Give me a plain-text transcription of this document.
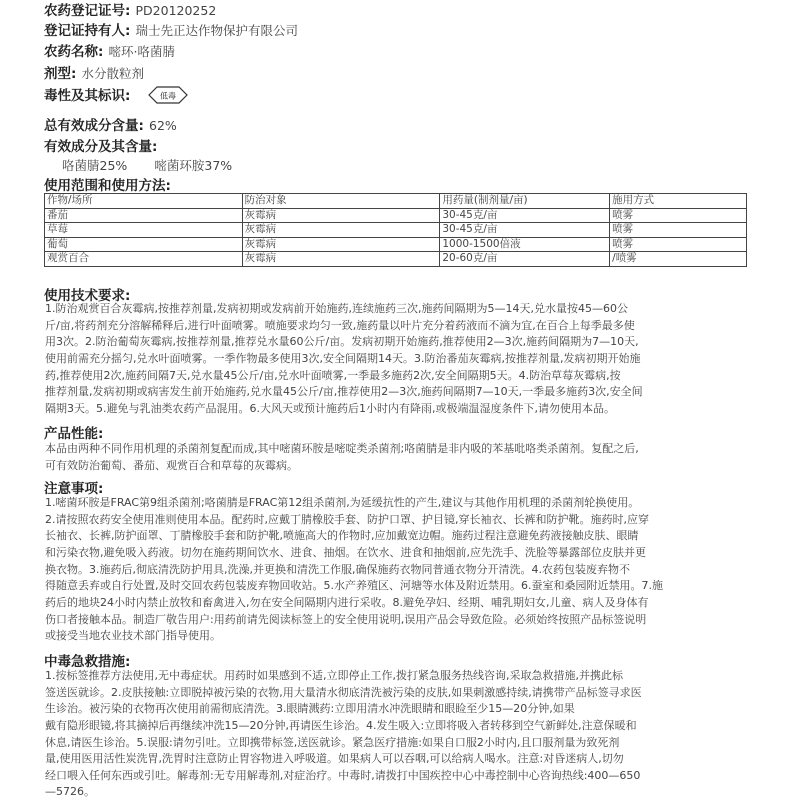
农药登记证号: PD20120252
登记证持有人: 瑞士先正达作物保护有限公司
农药名称: 嘧环·咯菌腈
剂型: 水分散粒剂
毒性及其标识:	低毒
总有效成分含量: 62%
有效成分及其含量:
咯菌腈25% 嘧菌环胺37%
使用范围和使用方法:
作物/场所	防治对象	用药量(制剂量/亩)	施用方式
番茄	灰霉病	30-45克/亩	喷雾
草莓	灰霉病	30-45克/亩	喷雾
葡萄	灰霉病	1000-1500倍液	喷雾
观赏百合	灰霉病	20-60克/亩	/喷雾
使用技术要求:
1.防治观赏百合灰霉病,按推荐剂量,发病初期或发病前开始施药,连续施药三次,施药间隔期为5—14天,兑水量按45—60公
斤/亩,将药剂充分溶解稀释后,进行叶面喷雾。喷施要求均匀一致,施药量以叶片充分着药液而不滴为宜,在百合上每季最多使
用3次。2.防治葡萄灰霉病,按推荐剂量,推荐兑水量60公斤/亩。发病初期开始施药,推荐使用2—3次,施药间隔期为7—10天,
使用前需充分摇匀,兑水叶面喷雾。一季作物最多使用3次,安全间隔期14天。3.防治番茄灰霉病,按推荐剂量,发病初期开始施
药,推荐使用2次,施药间隔7天,兑水量45公斤/亩,兑水叶面喷雾,一季最多施药2次,安全间隔期5天。4.防治草莓灰霉病,按
推荐剂量,发病初期或病害发生前开始施药,兑水量45公斤/亩,推荐使用2—3次,施药间隔期7—10天,一季最多施药3次,安全间
隔期3天。5.避免与乳油类农药产品混用。6.大风天或预计施药后1小时内有降雨,或极端温湿度条件下,请勿使用本品。
产品性能:
本品由两种不同作用机理的杀菌剂复配而成,其中嘧菌环胺是嘧啶类杀菌剂;咯菌腈是非内吸的苯基吡咯类杀菌剂。复配之后,
可有效防治葡萄、番茄、观赏百合和草莓的灰霉病。
注意事项:
1.嘧菌环胺是FRAC第9组杀菌剂;咯菌腈是FRAC第12组杀菌剂,为延缓抗性的产生,建议与其他作用机理的杀菌剂轮换使用。
2.请按照农药安全使用准则使用本品。配药时,应戴丁腈橡胶手套、防护口罩、护目镜,穿长袖衣、长裤和防护靴。施药时,应穿
长袖衣、长裤,防护面罩、丁腈橡胶手套和防护靴,喷施高大的作物时,应加戴宽边帽。施药过程注意避免药液接触皮肤、眼睛
和污染衣物,避免吸入药液。切勿在施药期间饮水、进食、抽烟。在饮水、进食和抽烟前,应先洗手、洗脸等暴露部位皮肤并更
换衣物。3.施药后,彻底清洗防护用具,洗澡,并更换和清洗工作服,确保施药衣物同普通衣物分开清洗。4.农药包装废弃物不
得随意丢弃或自行处置,及时交回农药包装废弃物回收站。5.水产养殖区、河塘等水体及附近禁用。6.蚕室和桑园附近禁用。7.施
药后的地块24小时内禁止放牧和畜禽进入,勿在安全间隔期内进行采收。8.避免孕妇、经期、哺乳期妇女,儿童、病人及身体有
伤口者接触本品。制造厂敬告用户:用药前请先阅读标签上的安全使用说明,误用产品会导致危险。必须始终按照产品标签说明
或接受当地农业技术部门指导使用。
中毒急救措施:
1.按标签推荐方法使用,无中毒症状。用药时如果感到不适,立即停止工作,拨打紧急服务热线咨询,采取急救措施,并携此标
签送医就诊。2.皮肤接触:立即脱掉被污染的衣物,用大量清水彻底清洗被污染的皮肤,如果刺激感持续,请携带产品标签寻求医
生诊治。被污染的衣物再次使用前需彻底清洗。3.眼睛溅药:立即用清水冲洗眼睛和眼睑至少15—20分钟,如果
戴有隐形眼镜,将其摘掉后再继续冲洗15—20分钟,再请医生诊治。4.发生吸入:立即将吸入者转移到空气新鲜处,注意保暖和
休息,请医生诊治。5.误服:请勿引吐。立即携带标签,送医就诊。紧急医疗措施:如果自口服2小时内,且口服剂量为致死剂
量,使用医用活性炭洗胃,洗胃时注意防止胃容物进入呼吸道。如果病人可以吞咽,可以给病人喝水。注意:对昏迷病人,切勿
经口喂入任何东西或引吐。解毒剂:无专用解毒剂,对症治疗。中毒时,请拨打中国疾控中心中毒控制中心咨询热线:400—650
—5726。
